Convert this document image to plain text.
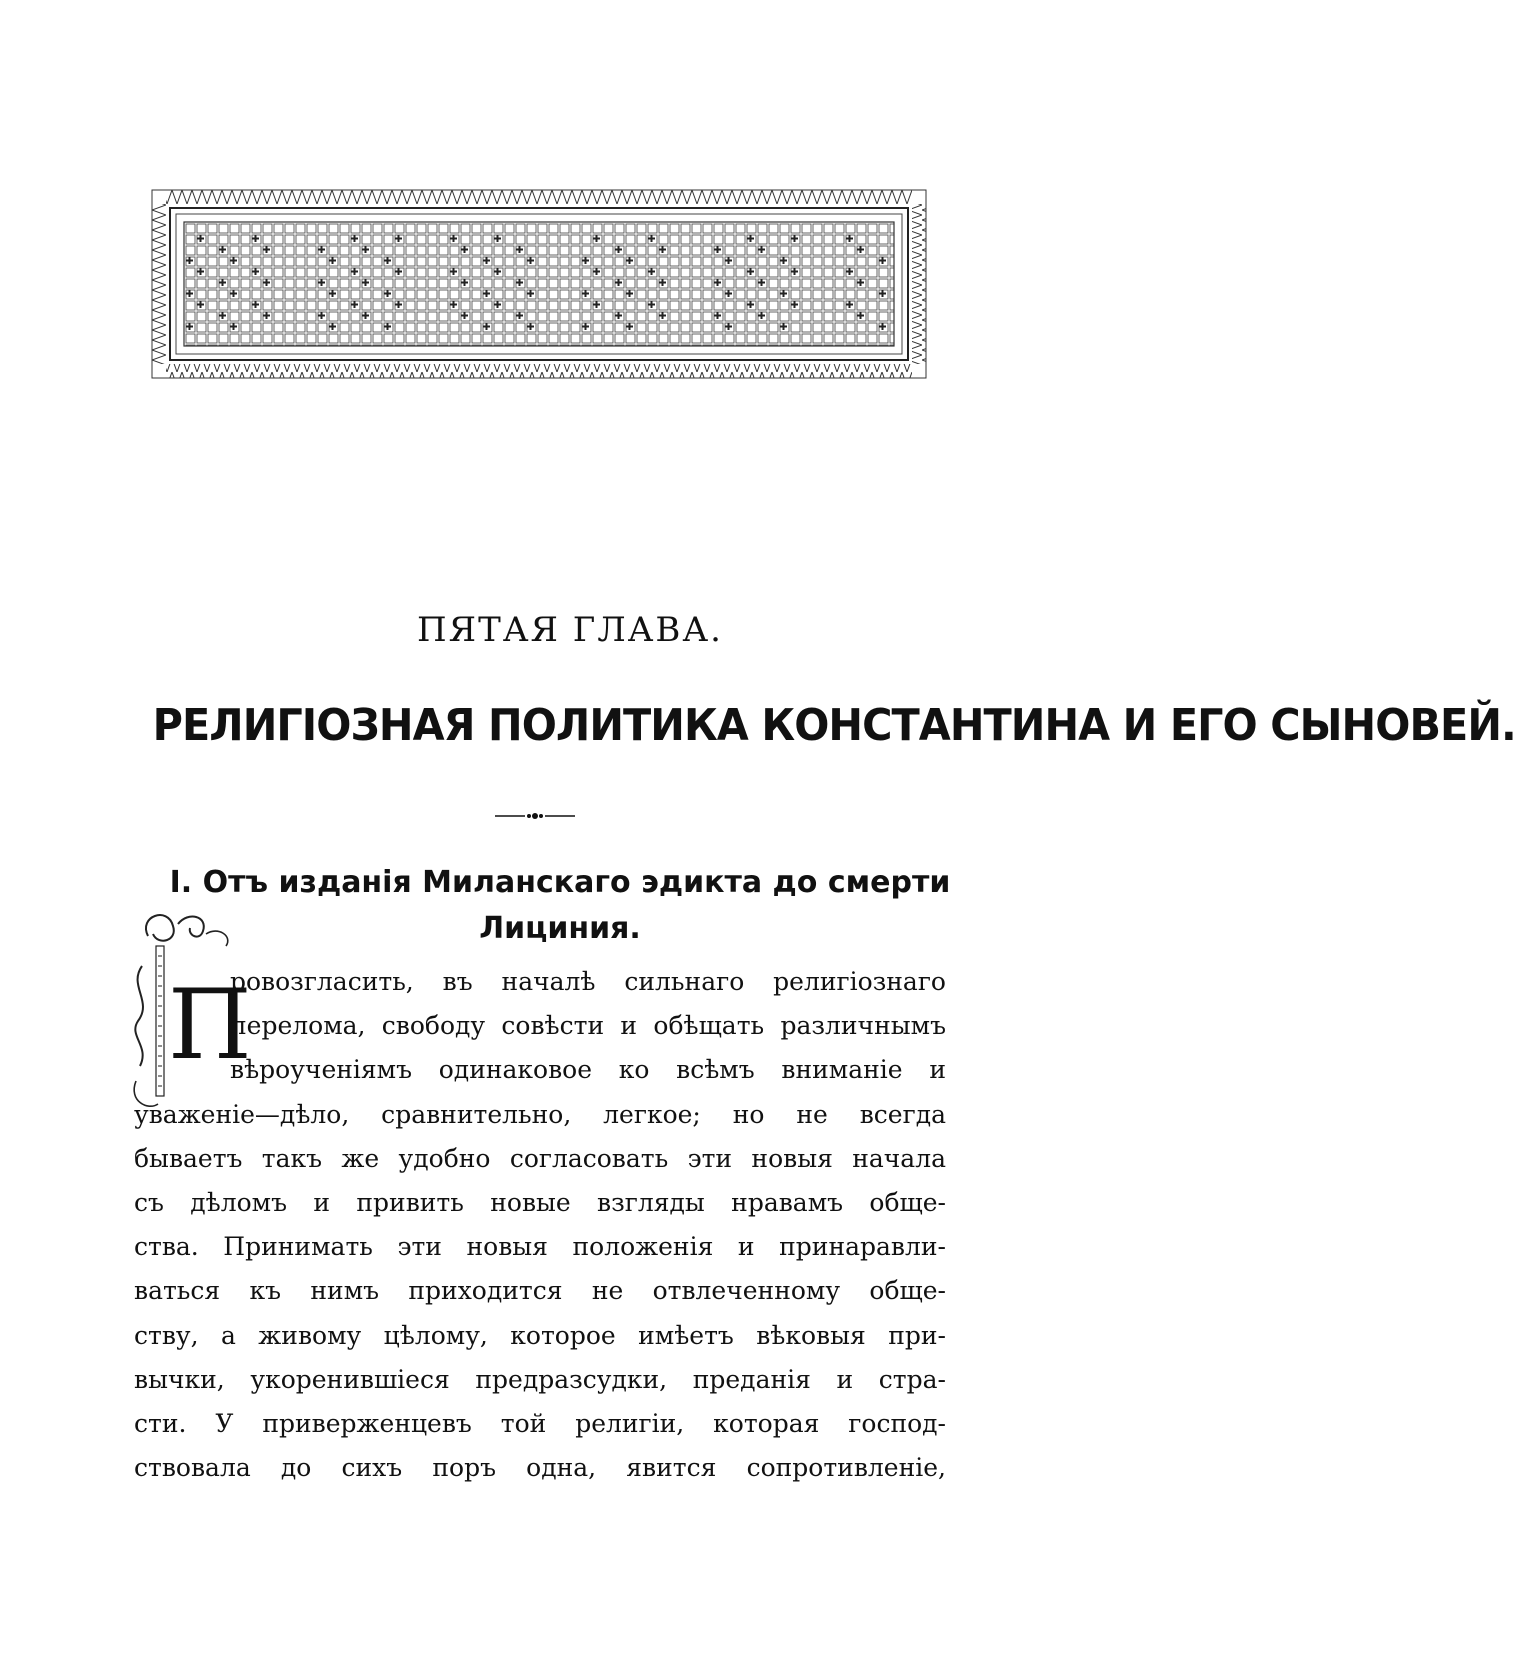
ПЯТАЯ ГЛАВА.
РЕЛИГІОЗНАЯ ПОЛИТИКА КОНСТАНТИНА И ЕГО СЫНОВЕЙ.
I. Отъ изданія Миланскаго эдикта до смерти
Лициния.
П
ровозгласить, въ началѣ сильнаго религіознаго
перелома, свободу совѣсти и обѣщать различнымъ
вѣроученіямъ одинаковое ко всѣмъ вниманіе и
уваженіе—дѣло, сравнительно, легкое; но не всегда
бываетъ такъ же удобно согласовать эти новыя начала
съ дѣломъ и привить новые взгляды нравамъ обще-
ства. Принимать эти новыя положенія и принаравли-
ваться къ нимъ приходится не отвлеченному обще-
ству, а живому цѣлому, которое имѣетъ вѣковыя при-
вычки, укоренившіеся предразсудки, преданія и стра-
сти. У приверженцевъ той религіи, которая господ-
ствовала до сихъ поръ одна, явится сопротивленіе,
